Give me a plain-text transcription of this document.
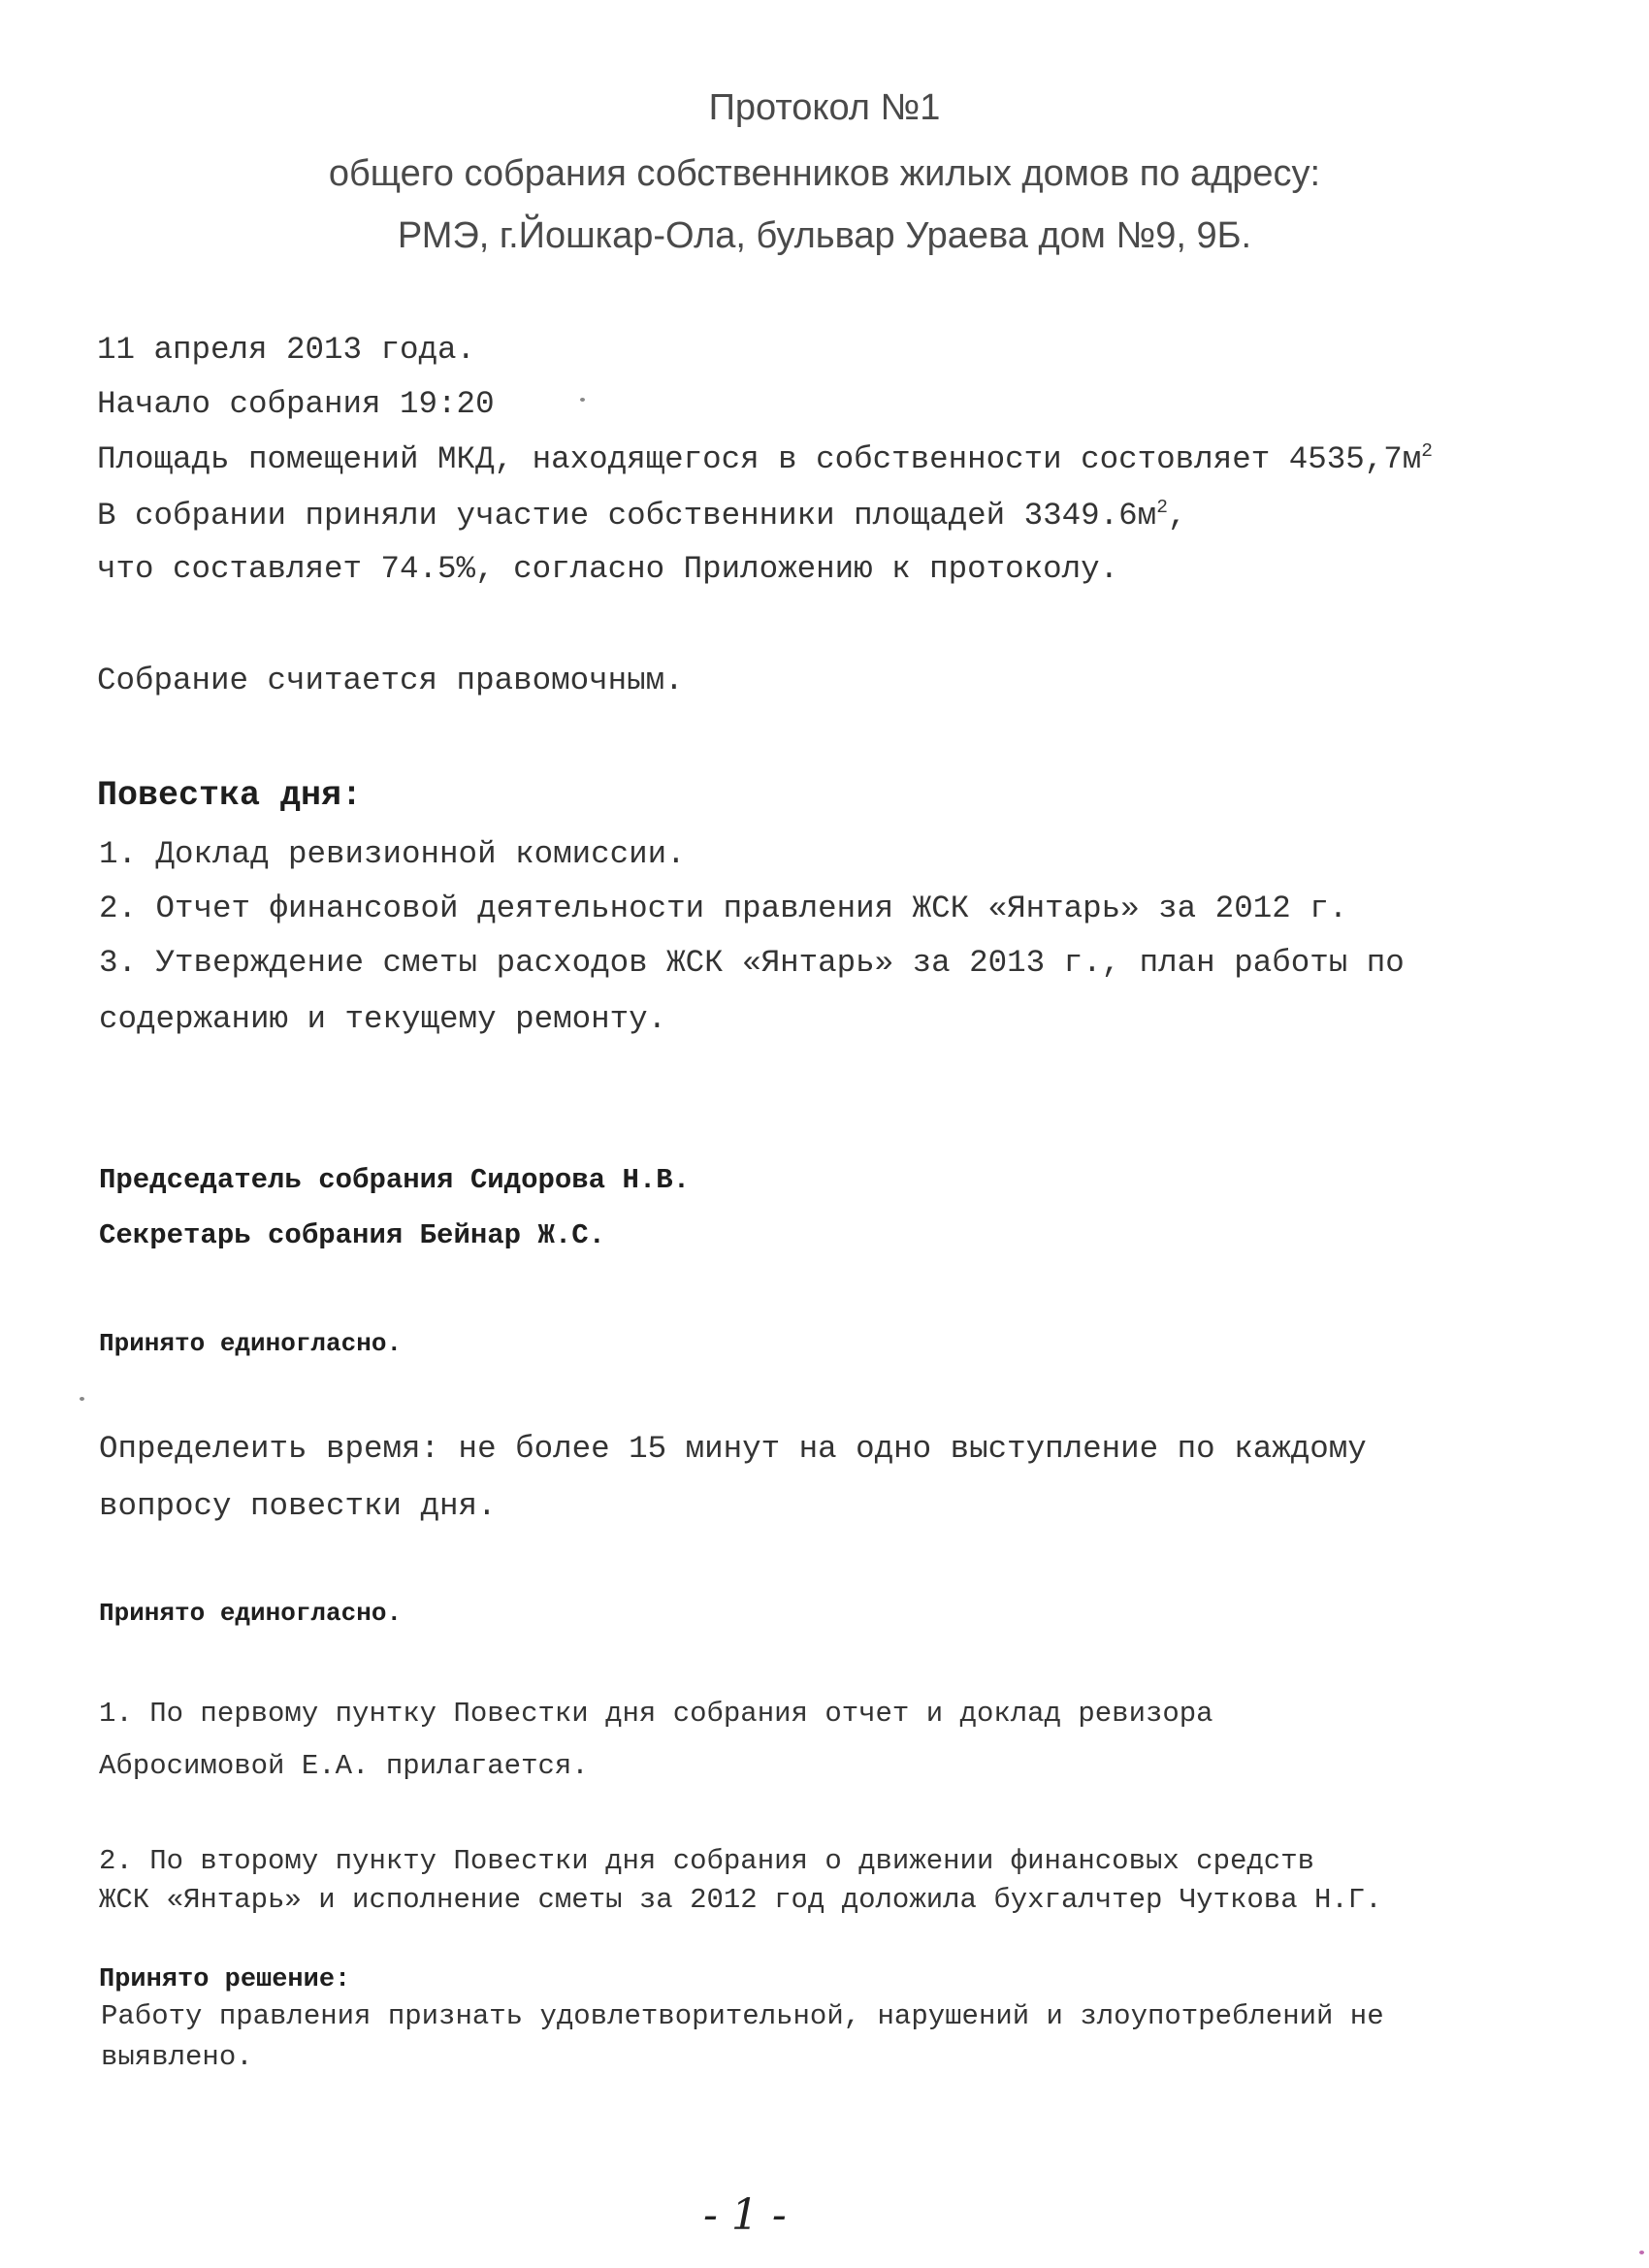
Протокол №1
общего собрания собственников жилых домов по адресу:
РМЭ, г.Йошкар-Ола, бульвар Ураева дом №9, 9Б.
11 апреля 2013 года.
Начало собрания 19:20
Площадь помещений МКД, находящегося в собственности состовляет $4535,7м^2$
В собрании приняли участие собственники площадей $3349.6м^2$,
что составляет 74.5%, согласно Приложению к протоколу.
Собрание считается правомочным.
Повестка дня:
1. Доклад ревизионной комиссии.
2. Отчет финансовой деятельности правления ЖСК «Янтарь» за 2012 г.
3. Утверждение сметы расходов ЖСК «Янтарь» за 2013 г., план работы по
содержанию и текущему ремонту.
Председатель собрания Сидорова Н.В.
Секретарь собрания Бейнар Ж.С.
Принято единогласно.
Определеить время: не более 15 минут на одно выступление по каждому
вопросу повестки дня.
Принято единогласно.
1. По первому пунтку Повестки дня собрания отчет и доклад ревизора
Абросимовой Е.А. прилагается.
2. По второму пункту Повестки дня собрания о движении финансовых средств
ЖСК «Янтарь» и исполнение сметы за 2012 год доложила бухгалчтер Чуткова Н.Г.
Принято решение:
Работу правления признать удовлетворительной, нарушений и злоупотреблений не
выявлено.
- 1 -
